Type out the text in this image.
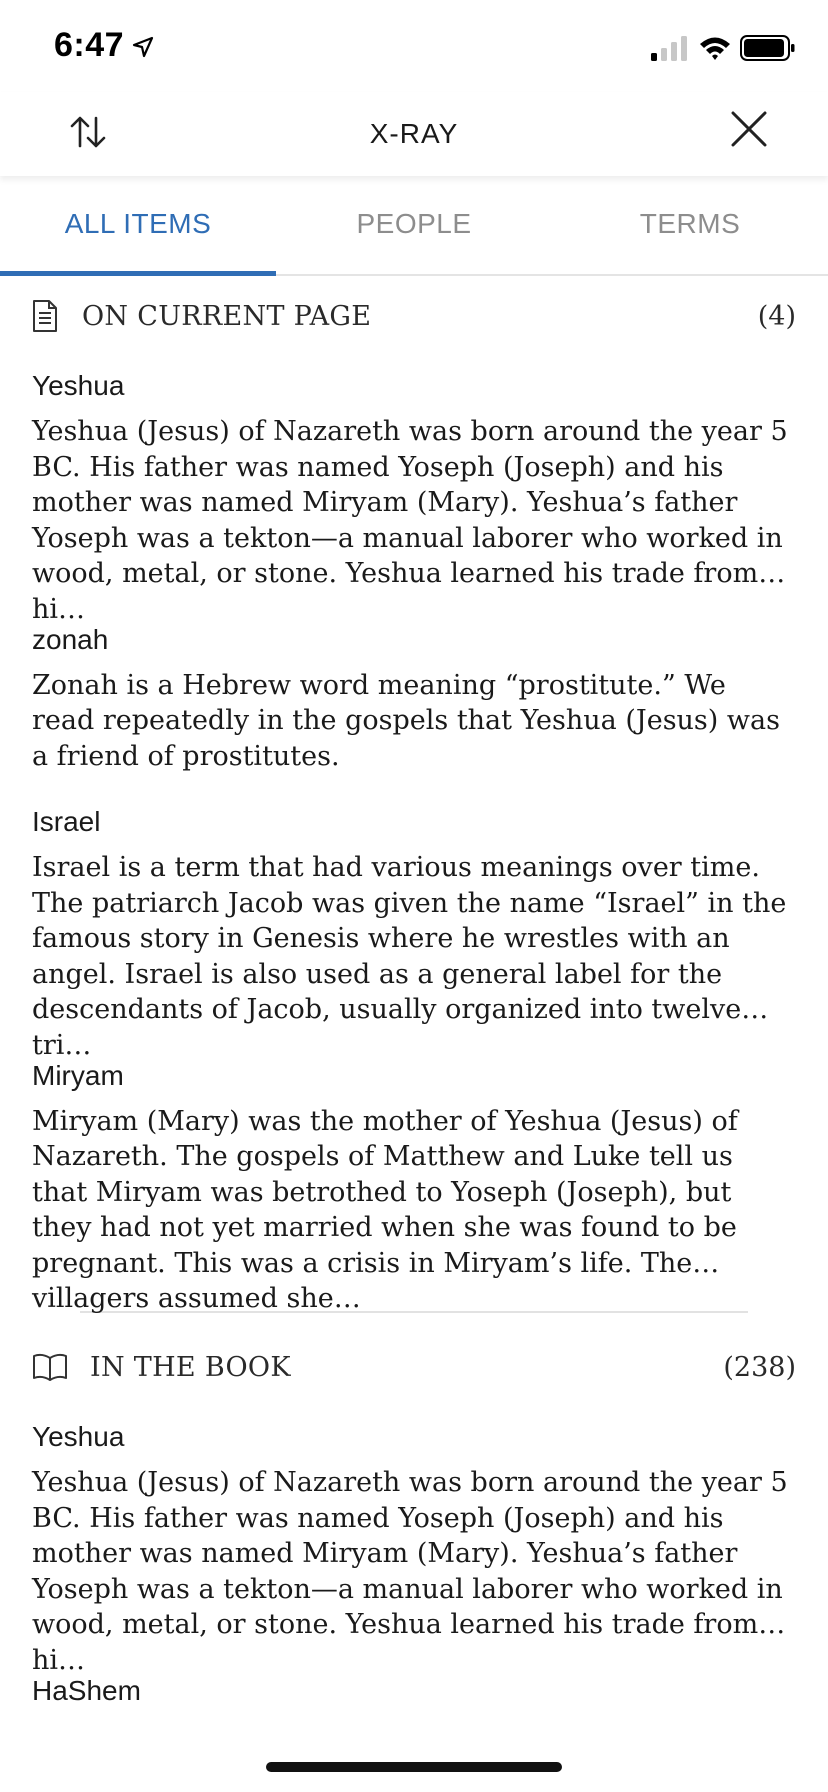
6:47
X-RAY
ALL ITEMS	PEOPLE	TERMS
ON CURRENT PAGE	(4)
Yeshua
Yeshua (Jesus) of Nazareth was born around the year 5 BC. His father was named Yoseph (Joseph) and his mother was named Miryam (Mary). Yeshua’s father Yoseph was a tekton—a manual laborer who worked in wood, metal, or stone. Yeshua learned his trade from hi…
zonah
Zonah is a Hebrew word meaning “prostitute.” We read repeatedly in the gospels that Yeshua (Jesus) was a friend of prostitutes.
Israel
Israel is a term that had various meanings over time. The patriarch Jacob was given the name “Israel” in the famous story in Genesis where he wrestles with an angel. Israel is also used as a general label for the descendants of Jacob, usually organized into twelve tri…
Miryam
Miryam (Mary) was the mother of Yeshua (Jesus) of Nazareth. The gospels of Matthew and Luke tell us that Miryam was betrothed to Yoseph (Joseph), but they had not yet married when she was found to be pregnant. This was a crisis in Miryam’s life. The villagers assumed she…
IN THE BOOK	(238)
Yeshua
Yeshua (Jesus) of Nazareth was born around the year 5 BC. His father was named Yoseph (Joseph) and his mother was named Miryam (Mary). Yeshua’s father Yoseph was a tekton—a manual laborer who worked in wood, metal, or stone. Yeshua learned his trade from hi…
HaShem
